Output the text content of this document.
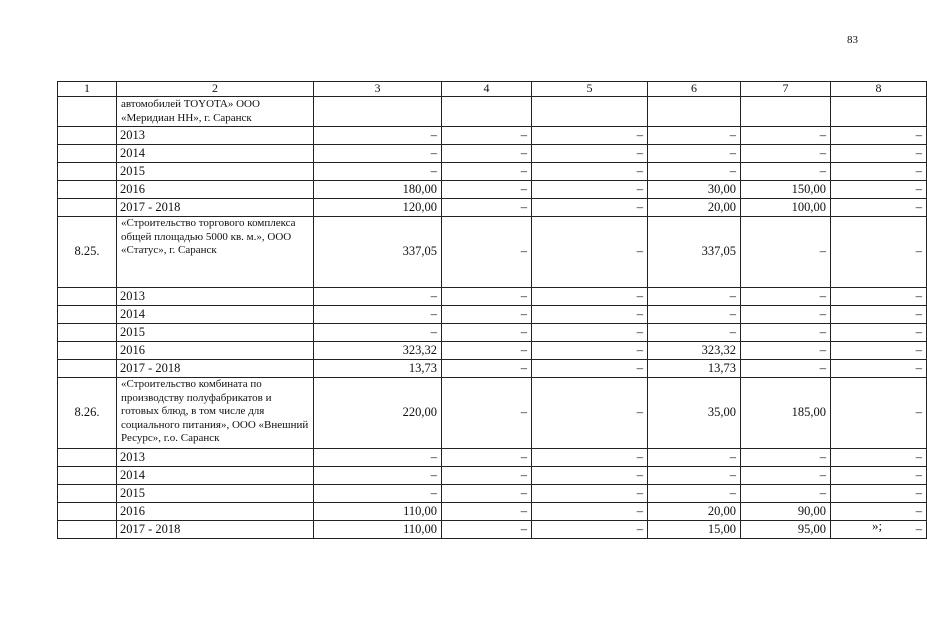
83
1	2	3	4	5	6	7	8
	автомобилей TOYOTA» ООО «Меридиан НН», г. Саранск						
	2013	–	–	–	–	–	–
	2014	–	–	–	–	–	–
	2015	–	–	–	–	–	–
	2016	180,00	–	–	30,00	150,00	–
	2017 - 2018	120,00	–	–	20,00	100,00	–
8.25.	«Строительство торгового комплекса общей площадью 5000 кв. м.», ООО «Статус», г. Саранск	337,05	–	–	337,05	–	–
	2013	–	–	–	–	–	–
	2014	–	–	–	–	–	–
	2015	–	–	–	–	–	–
	2016	323,32	–	–	323,32	–	–
	2017 - 2018	13,73	–	–	13,73	–	–
8.26.	«Строительство комбината по производству полуфабрикатов и готовых блюд, в том числе для социального питания», ООО «Внешний Ресурс», г.о. Саранск	220,00	–	–	35,00	185,00	–
	2013	–	–	–	–	–	–
	2014	–	–	–	–	–	–
	2015	–	–	–	–	–	–
	2016	110,00	–	–	20,00	90,00	–
	2017 - 2018	110,00	–	–	15,00	95,00	–
»;
